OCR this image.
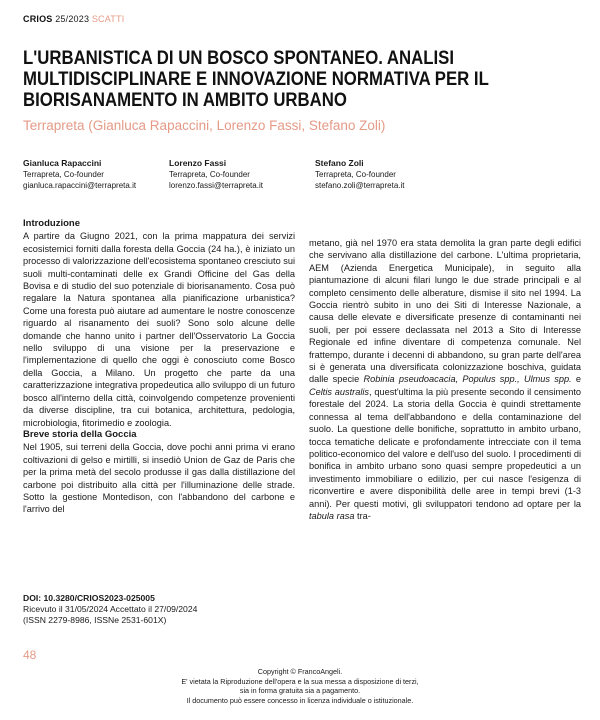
CRIOS 25/2023 SCATTI
L'URBANISTICA DI UN BOSCO SPONTANEO. ANALISI MULTIDISCIPLINARE E INNOVAZIONE NORMATIVA PER IL BIORISANAMENTO IN AMBITO URBANO
Terrapreta (Gianluca Rapaccini, Lorenzo Fassi, Stefano Zoli)
Gianluca Rapaccini
Terrapreta, Co-founder
gianluca.rapaccini@terrapreta.it
Lorenzo Fassi
Terrapreta, Co-founder
lorenzo.fassi@terrapreta.it
Stefano Zoli
Terrapreta, Co-founder
stefano.zoli@terrapreta.it

Introduzione

A partire da Giugno 2021, con la prima mappatura dei servizi ecosistemici forniti dalla foresta della Goccia (24 ha.), è iniziato un processo di valorizzazione dell'ecosistema spontaneo cresciuto sui suoli multi-contaminati delle ex Grandi Officine del Gas della Bovisa e di studio del suo potenziale di biorisanamento. Cosa può regalare la Natura spontanea alla pianificazione urbanistica? Come una foresta può aiutare ad aumentare le nostre conoscenze riguardo al risanamento dei suoli? Sono solo alcune delle domande che hanno unito i partner dell'Osservatorio La Goccia nello sviluppo di una visione per la preservazione e l'implementazione di quello che oggi è conosciuto come Bosco della Goccia, a Milano. Un progetto che parte da una caratterizzazione integrativa propedeutica allo sviluppo di un futuro bosco all'interno della città, coinvolgendo competenze provenienti da diverse discipline, tra cui botanica, architettura, pedologia, microbiologia, fitorimedio e zoologia.

Breve storia della Goccia

Nel 1905, sui terreni della Goccia, dove pochi anni prima vi erano coltivazioni di gelso e mirtilli, si insediò Union de Gaz de Paris che per la prima metà del secolo produsse il gas dalla distillazione del carbone poi distribuito alla città per l'illuminazione delle strade. Sotto la gestione Montedison, con l'abbandono del carbone e l'arrivo del

metano, già nel 1970 era stata demolita la gran parte degli edifici che servivano alla distillazione del carbone. L'ultima proprietaria, AEM (Azienda Energetica Municipale), in seguito alla piantumazione di alcuni filari lungo le due strade principali e al completo censimento delle alberature, dismise il sito nel 1994. La Goccia rientrò subito in uno dei Siti di Interesse Nazionale, a causa delle elevate e diversificate presenze di contaminanti nei suoli, per poi essere declassata nel 2013 a Sito di Interesse Regionale ed infine diventare di competenza comunale. Nel frattempo, durante i decenni di abbandono, su gran parte dell'area si è generata una diversificata colonizzazione boschiva, guidata dalle specie Robinia pseudoacacia, Populus spp., Ulmus spp. e Celtis australis, quest'ultima la più presente secondo il censimento forestale del 2024. La storia della Goccia è quindi strettamente connessa al tema dell'abbandono e della contaminazione del suolo. La questione delle bonifiche, soprattutto in ambito urbano, tocca tematiche delicate e profondamente intrecciate con il tema politico-economico del valore e dell'uso del suolo. I procedimenti di bonifica in ambito urbano sono quasi sempre propedeutici a un investimento immobiliare o edilizio, per cui nasce l'esigenza di riconvertire e avere disponibilità delle aree in tempi brevi (1-3 anni). Per questi motivi, gli sviluppatori tendono ad optare per la tabula rasa tra-

DOI: 10.3280/CRIOS2023-025005
Ricevuto il 31/05/2024 Accettato il 27/09/2024
(ISSN 2279-8986, ISSNe 2531-601X)
48
Copyright © FrancoAngeli.
E' vietata la Riproduzione dell'opera e la sua messa a disposizione di terzi,
sia in forma gratuita sia a pagamento.
Il documento può essere concesso in licenza individuale o istituzionale.
